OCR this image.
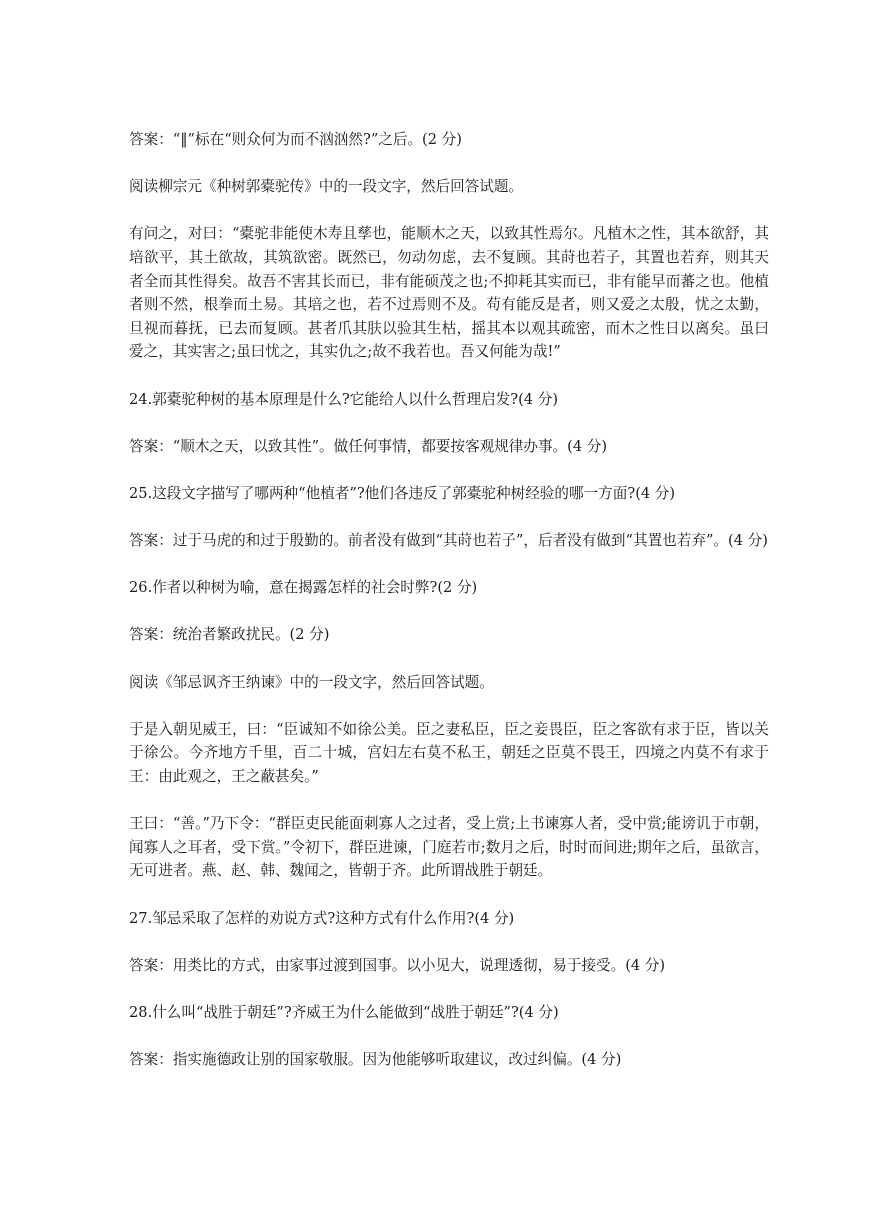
答案：“‖”标在“则众何为而不汹汹然?”之后。(2 分)

阅读柳宗元《种树郭橐驼传》中的一段文字，然后回答试题。

有问之，对曰：“橐驼非能使木寿且孳也，能顺木之天，以致其性焉尔。凡植木之性，其本欲舒，其培欲平，其土欲故，其筑欲密。既然已，勿动勿虑，去不复顾。其莳也若子，其置也若弃，则其天者全而其性得矣。故吾不害其长而已，非有能硕茂之也;不抑耗其实而已，非有能早而蕃之也。他植者则不然，根拳而土易。其培之也，若不过焉则不及。苟有能反是者，则又爱之太殷，忧之太勤，旦视而暮抚，已去而复顾。甚者爪其肤以验其生枯，摇其本以观其疏密，而木之性日以离矣。虽曰爱之，其实害之;虽曰忧之，其实仇之;故不我若也。吾又何能为哉!”

24.郭橐驼种树的基本原理是什么?它能给人以什么哲理启发?(4 分)

答案：“顺木之天，以致其性”。做任何事情，都要按客观规律办事。(4 分)

25.这段文字描写了哪两种“他植者”?他们各违反了郭橐驼种树经验的哪一方面?(4 分)

答案：过于马虎的和过于殷勤的。前者没有做到“其莳也若子”，后者没有做到“其置也若弃”。(4 分)

26.作者以种树为喻，意在揭露怎样的社会时弊?(2 分)

答案：统治者繁政扰民。(2 分)

阅读《邹忌讽齐王纳谏》中的一段文字，然后回答试题。

于是入朝见威王，曰：“臣诚知不如徐公美。臣之妻私臣，臣之妾畏臣，臣之客欲有求于臣，皆以关于徐公。今齐地方千里，百二十城，宫妇左右莫不私王，朝廷之臣莫不畏王，四境之内莫不有求于王：由此观之，王之蔽甚矣。”

王曰：“善。”乃下令：“群臣吏民能面刺寡人之过者，受上赏;上书谏寡人者，受中赏;能谤讥于市朝，闻寡人之耳者，受下赏。”令初下，群臣进谏，门庭若市;数月之后，时时而间进;期年之后，虽欲言，无可进者。燕、赵、韩、魏闻之，皆朝于齐。此所谓战胜于朝廷。

27.邹忌采取了怎样的劝说方式?这种方式有什么作用?(4 分)

答案：用类比的方式，由家事过渡到国事。以小见大，说理透彻，易于接受。(4 分)

28.什么叫“战胜于朝廷”?齐威王为什么能做到“战胜于朝廷”?(4 分)

答案：指实施德政让别的国家敬服。因为他能够听取建议，改过纠偏。(4 分)
